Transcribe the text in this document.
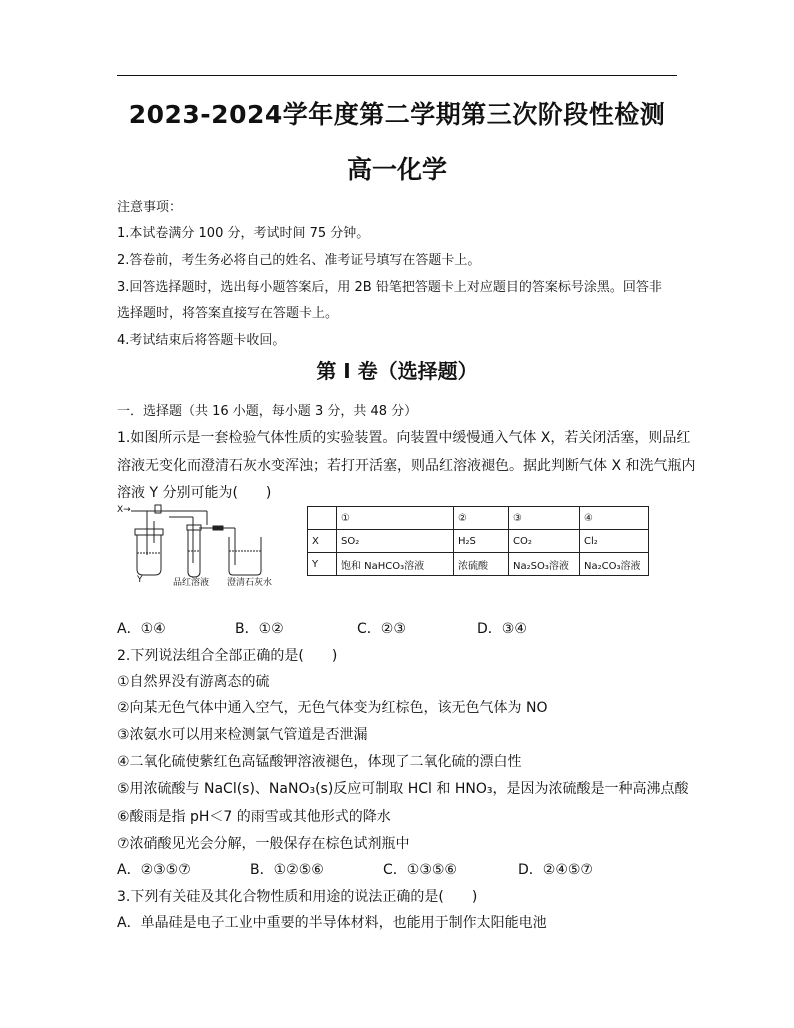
2023-2024学年度第二学期第三次阶段性检测
高一化学
注意事项：
1.本试卷满分 100 分，考试时间 75 分钟。
2.答卷前，考生务必将自己的姓名、准考证号填写在答题卡上。
3.回答选择题时，选出每小题答案后，用 2B 铅笔把答题卡上对应题目的答案标号涂黑。回答非
选择题时，将答案直接写在答题卡上。
4.考试结束后将答题卡收回。
第 I 卷（选择题）
一．选择题（共 16 小题，每小题 3 分，共 48 分）
1.如图所示是一套检验气体性质的实验装置。向装置中缓慢通入气体 X，若关闭活塞，则品红
溶液无变化而澄清石灰水变浑浊；若打开活塞，则品红溶液褪色。据此判断气体 X 和洗气瓶内
溶液 Y 分别可能为(　　)
X→
Y	品红溶液 澄清石灰水
	①	②	③	④
X	SO₂	H₂S	CO₂	Cl₂
Y	饱和 NaHCO₃溶液	浓硫酸	Na₂SO₃溶液	Na₂CO₃溶液
A．①④	B．①②	C．②③	D．③④
2.下列说法组合全部正确的是(　　)
①自然界没有游离态的硫
②向某无色气体中通入空气，无色气体变为红棕色，该无色气体为 NO
③浓氨水可以用来检测氯气管道是否泄漏
④二氧化硫使紫红色高锰酸钾溶液褪色，体现了二氧化硫的漂白性
⑤用浓硫酸与 NaCl(s)、NaNO₃(s)反应可制取 HCl 和 HNO₃，是因为浓硫酸是一种高沸点酸
⑥酸雨是指 pH＜7 的雨雪或其他形式的降水
⑦浓硝酸见光会分解，一般保存在棕色试剂瓶中
A．②③⑤⑦	B．①②⑤⑥	C．①③⑤⑥	D．②④⑤⑦
3.下列有关硅及其化合物性质和用途的说法正确的是(　　)
A．单晶硅是电子工业中重要的半导体材料，也能用于制作太阳能电池
